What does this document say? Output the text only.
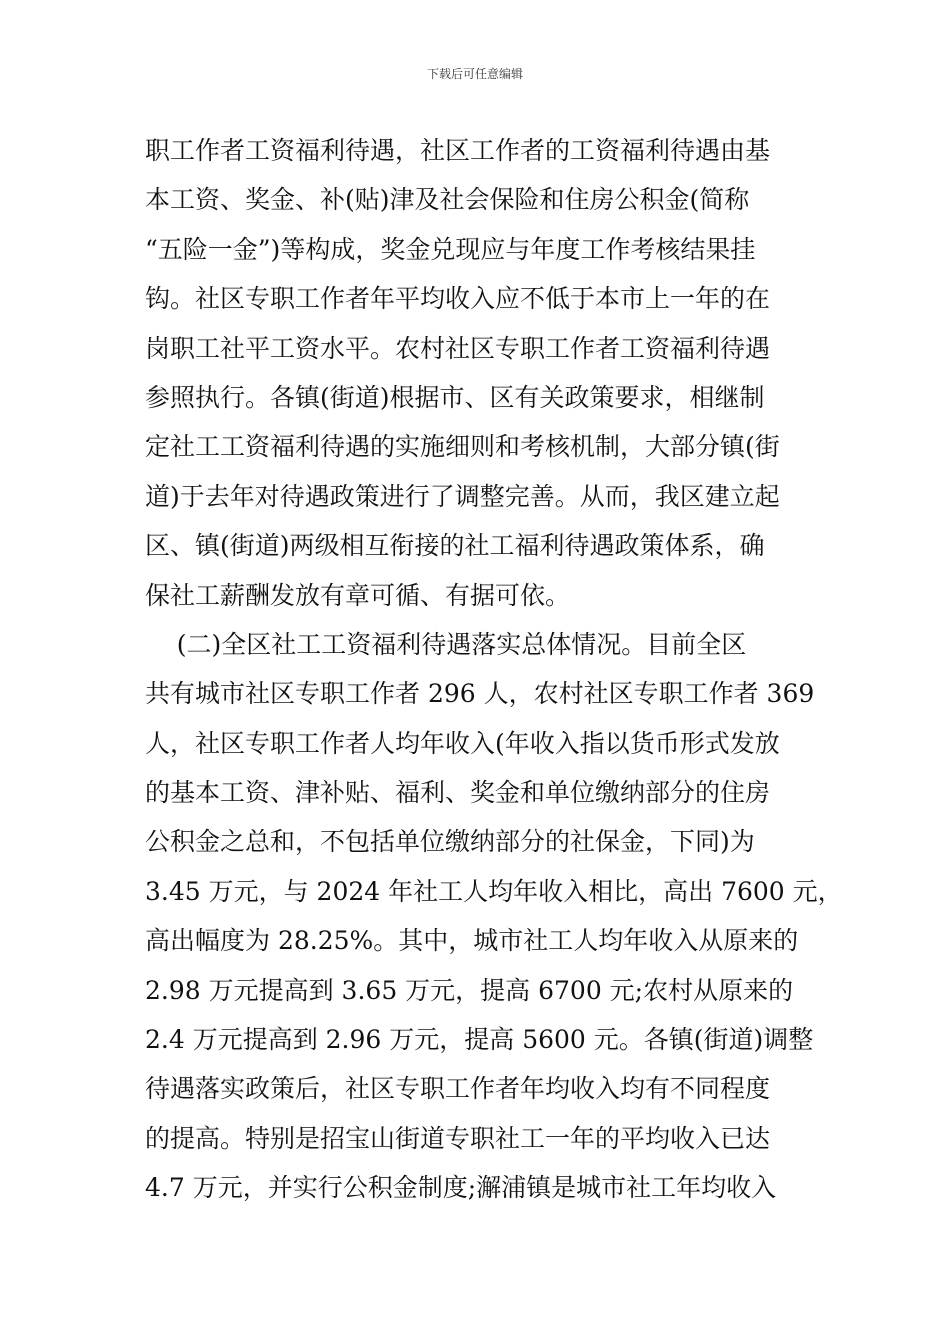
下载后可任意编辑
职工作者工资福利待遇，社区工作者的工资福利待遇由基
本工资、奖金、补(贴)津及社会保险和住房公积金(简称
“五险一金”)等构成，奖金兑现应与年度工作考核结果挂
钩。社区专职工作者年平均收入应不低于本市上一年的在
岗职工社平工资水平。农村社区专职工作者工资福利待遇
参照执行。各镇(街道)根据市、区有关政策要求，相继制
定社工工资福利待遇的实施细则和考核机制，大部分镇(街
道)于去年对待遇政策进行了调整完善。从而，我区建立起
区、镇(街道)两级相互衔接的社工福利待遇政策体系，确
保社工薪酬发放有章可循、有据可依。
(二)全区社工工资福利待遇落实总体情况。目前全区
共有城市社区专职工作者 296 人，农村社区专职工作者 369
人，社区专职工作者人均年收入(年收入指以货币形式发放
的基本工资、津补贴、福利、奖金和单位缴纳部分的住房
公积金之总和，不包括单位缴纳部分的社保金，下同)为
3.45 万元，与 2024 年社工人均年收入相比，高出 7600 元，
高出幅度为 28.25%。其中，城市社工人均年收入从原来的
2.98 万元提高到 3.65 万元，提高 6700 元;农村从原来的
2.4 万元提高到 2.96 万元，提高 5600 元。各镇(街道)调整
待遇落实政策后，社区专职工作者年均收入均有不同程度
的提高。特别是招宝山街道专职社工一年的平均收入已达
4.7 万元，并实行公积金制度;澥浦镇是城市社工年均收入
